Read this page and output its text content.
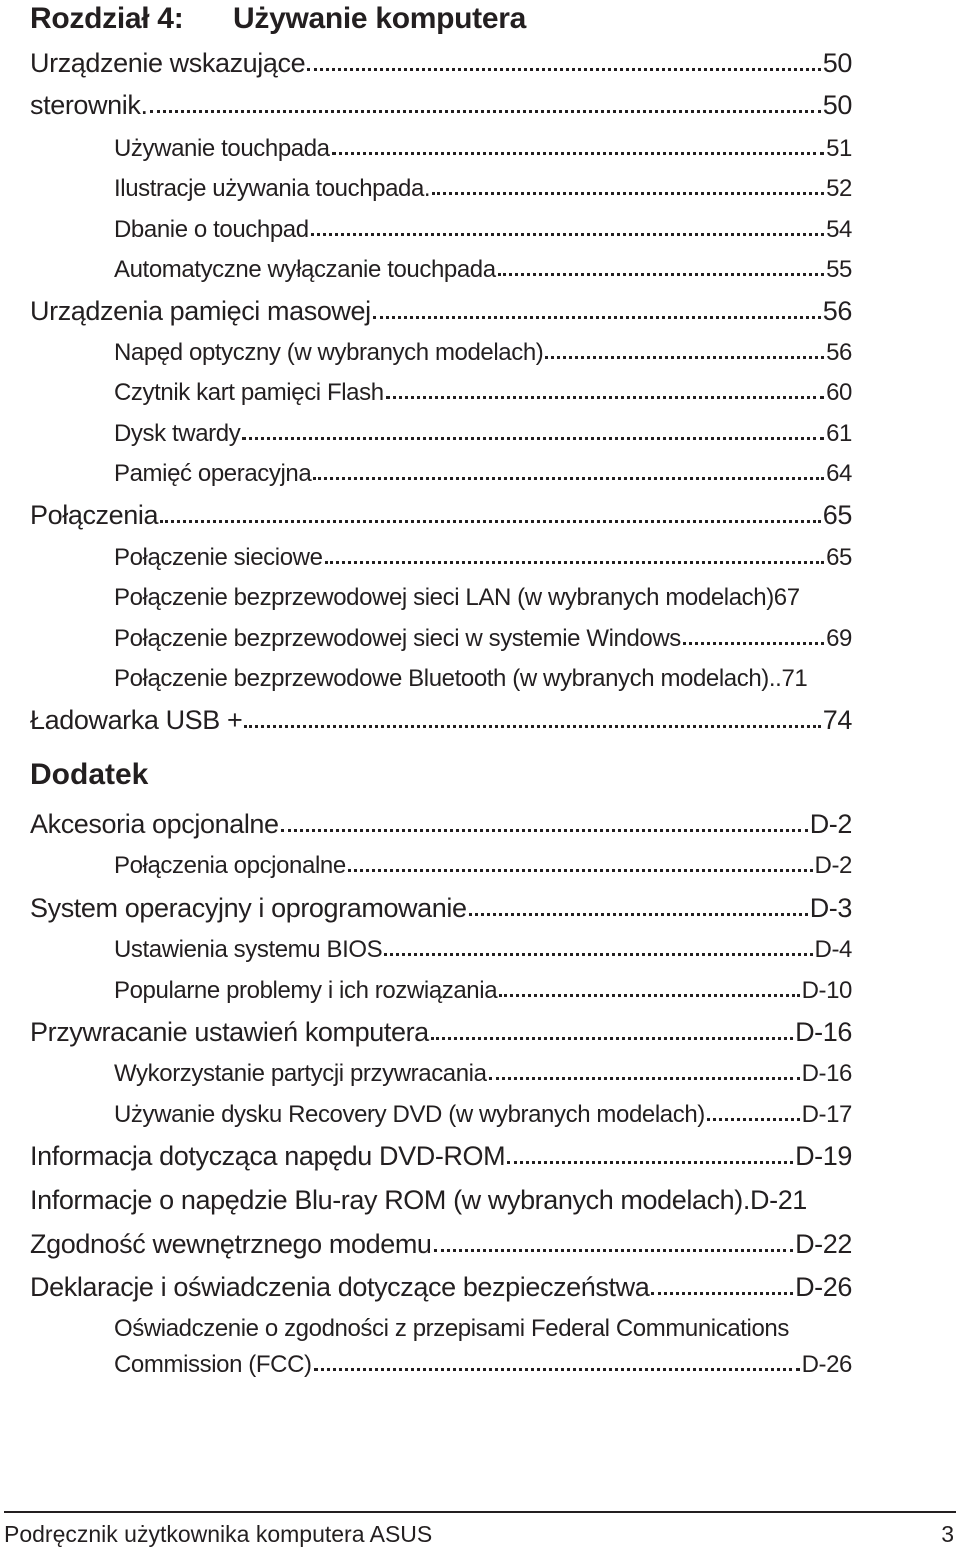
Rozdział 4: Używanie komputera
Urządzenie wskazujące	50
sterownik.	50
Używanie touchpada	51
Ilustracje używania touchpada.	52
Dbanie o touchpad	54
Automatyczne wyłączanie touchpada	55
Urządzenia pamięci masowej	56
Napęd optyczny (w wybranych modelach)	56
Czytnik kart pamięci Flash	60
Dysk twardy	61
Pamięć operacyjna	64
Połączenia	65
Połączenie sieciowe	65
Połączenie bezprzewodowej sieci LAN (w wybranych modelach) 67
Połączenie bezprzewodowej sieci w systemie Windows	69
Połączenie bezprzewodowe Bluetooth (w wybranych modelach) ..71
Ładowarka USB +	74
Dodatek
Akcesoria opcjonalne	D-2
Połączenia opcjonalne	D-2
System operacyjny i oprogramowanie	D-3
Ustawienia systemu BIOS	D-4
Popularne problemy i ich rozwiązania	D-10
Przywracanie ustawień komputera	D-16
Wykorzystanie partycji przywracania	D-16
Używanie dysku Recovery DVD (w wybranych modelach)	D-17
Informacja dotycząca napędu DVD-ROM	D-19
Informacje o napędzie Blu-ray ROM (w wybranych modelach). D-21
Zgodność wewnętrznego modemu	D-22
Deklaracje i oświadczenia dotyczące bezpieczeństwa	D-26
Oświadczenie o zgodności z przepisami Federal Communications
Commission (FCC)	D-26
Podręcznik użytkownika komputera ASUS	3
